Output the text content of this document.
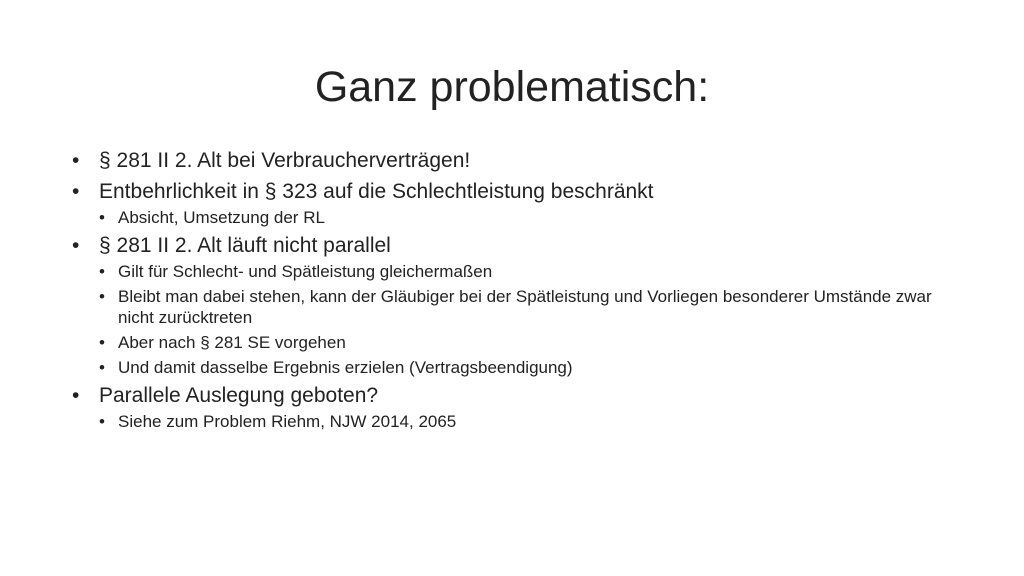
Ganz problematisch:
• § 281 II 2. Alt bei Verbraucherverträgen!
• Entbehrlichkeit in § 323 auf die Schlechtleistung beschränkt
• Absicht, Umsetzung der RL
• § 281 II 2. Alt läuft nicht parallel
• Gilt für Schlecht- und Spätleistung gleichermaßen
• Bleibt man dabei stehen, kann der Gläubiger bei der Spätleistung und Vorliegen besonderer Umstände zwar nicht zurücktreten
• Aber nach § 281 SE vorgehen
• Und damit dasselbe Ergebnis erzielen (Vertragsbeendigung)
• Parallele Auslegung geboten?
• Siehe zum Problem Riehm, NJW 2014, 2065
